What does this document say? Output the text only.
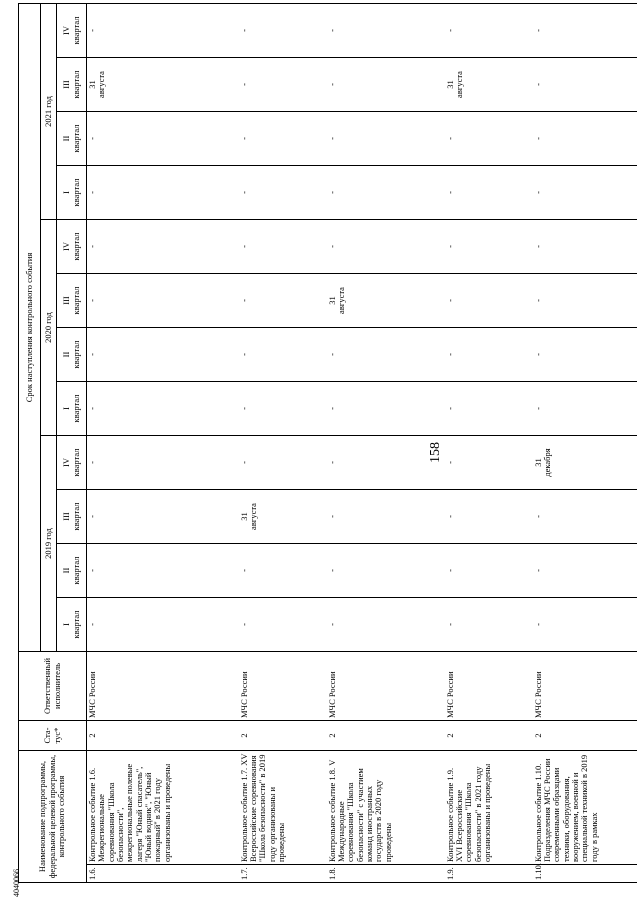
158
4040066
Наименование подпрограммы, федеральной целевой программы, контрольного события		Ста-тус*	Ответственный исполнитель	Срок наступления контрольного события											
				2019 год				2020 год				2021 год			

				I квартал	II квартал	III квартал	IV квартал	I квартал	II квартал	III квартал	IV квартал	I квартал	II квартал	III квартал	IV квартал

1.6.	Контрольное событие 1.6. Межрегиональные соревнования "Школа безопасности", межрегиональные полевые лагеря "Юный спасатель", "Юный водник", "Юный пожарный" в 2021 году организованы и проведены	2	МЧС России	-	-	-	-	-	-	-	-	-	-	31 августа	-

1.7.	Контрольное событие 1.7. XV Всероссийские соревнования "Школа безопасности" в 2019 году организованы и проведены	2	МЧС России	-	-	31 августа	-	-	-	-	-	-	-	-	-

1.8.	Контрольное событие 1.8. V Международные соревнования "Школа безопасности" с участием команд иностранных государств в 2020 году проведены	2	МЧС России	-	-	-	-	-	-	31 августа	-	-	-	-	-

1.9.	Контрольное событие 1.9. XVI Всероссийские соревнования "Школа безопасности" в 2021 году организованы и проведены	2	МЧС России	-	-	-	-	-	-	-	-	-	-	31 августа	-

1.10.	Контрольное событие 1.10. Подразделения МЧС России современными образцами техники, оборудования, вооружением, военной и специальной техникой в 2019 году в рамках	2	МЧС России	-	-	-	31 декабря	-	-	-	-	-	-	-	-
